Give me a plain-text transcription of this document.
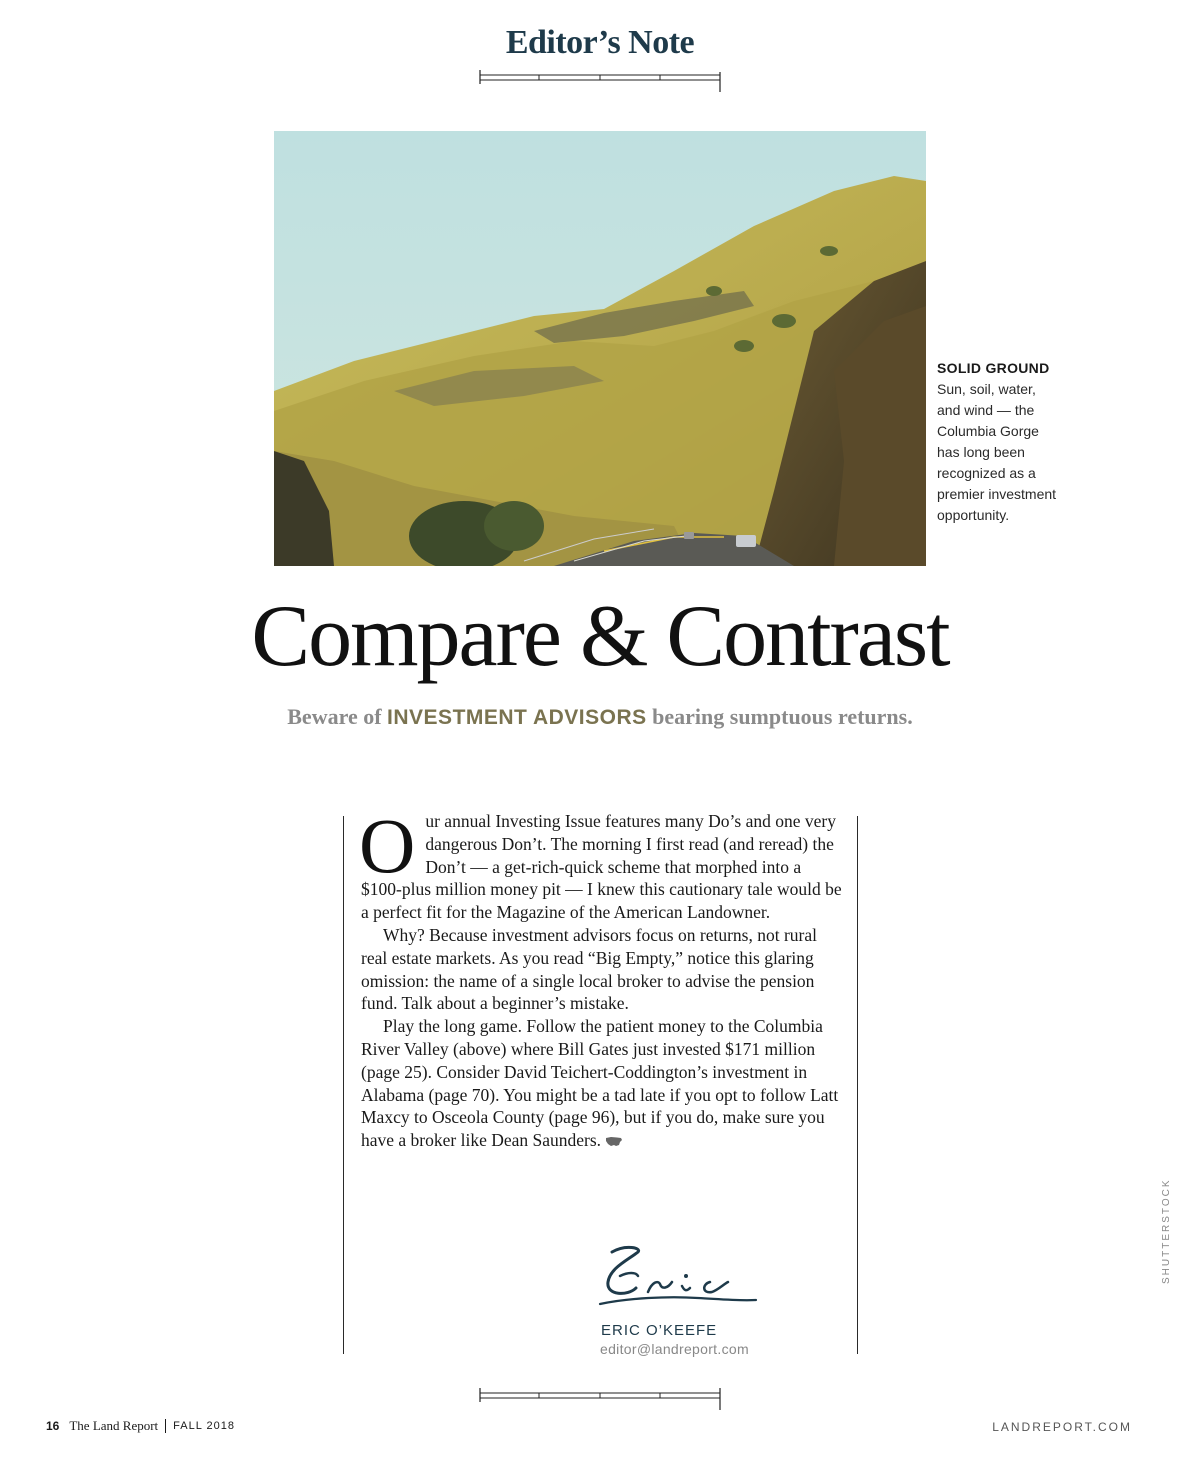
Editor’s Note
SOLID GROUND
Sun, soil, water,
and wind — the
Columbia Gorge
has long been
recognized as a
premier investment
opportunity.
Compare & Contrast
Beware of INVESTMENT ADVISORS bearing sumptuous returns.

Our annual Investing Issue features many Do’s and one very dangerous Don’t. The morning I first read (and reread) the Don’t — a get-rich-quick scheme that morphed into a $100-plus million money pit — I knew this cautionary tale would be a perfect fit for the Magazine of the American Landowner.

Why? Because investment advisors focus on returns, not rural real estate markets. As you read “Big Empty,” notice this glaring omission: the name of a single local broker to advise the pension fund. Talk about a beginner’s mistake.

Play the long game. Follow the patient money to the Columbia River Valley (above) where Bill Gates just invested $171 million (page 25). Consider David Teichert-Coddington’s investment in Alabama (page 70). You might be a tad late if you opt to follow Latt Maxcy to Osceola County (page 96), but if you do, make sure you have a broker like Dean Saunders.

ERIC O’KEEFE
editor@landreport.com
SHUTTERSTOCK
16 The Land Report FALL 2018	LANDREPORT.COM
